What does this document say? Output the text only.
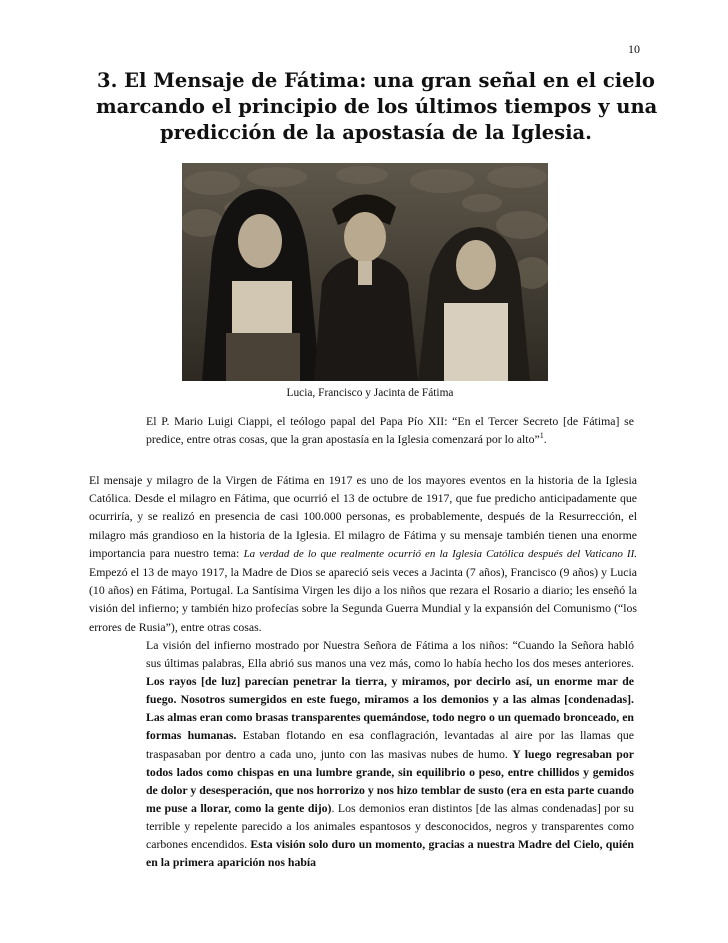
10
3. El Mensaje de Fátima: una gran señal en el cielo
marcando el principio de los últimos tiempos y una
predicción de la apostasía de la Iglesia.
Lucia, Francisco y Jacinta de Fátima
El P. Mario Luigi Ciappi, el teólogo papal del Papa Pío XII: “En el Tercer Secreto [de Fátima] se predice, entre otras cosas, que la gran apostasía en la Iglesia comenzará por lo alto”$^1$.
El mensaje y milagro de la Virgen de Fátima en 1917 es uno de los mayores eventos en la historia de la Iglesia Católica. Desde el milagro en Fátima, que ocurrió el 13 de octubre de 1917, que fue predicho anticipadamente que ocurriría, y se realizó en presencia de casi 100.000 personas, es probablemente, después de la Resurrección, el milagro más grandioso en la historia de la Iglesia. El milagro de Fátima y su mensaje también tienen una enorme importancia para nuestro tema: La verdad de lo que realmente ocurrió en la Iglesia Católica después del Vaticano II. Empezó el 13 de mayo 1917, la Madre de Dios se apareció seis veces a Jacinta (7 años), Francisco (9 años) y Lucia (10 años) en Fátima, Portugal. La Santísima Virgen les dijo a los niños que rezara el Rosario a diario; les enseñó la visión del infierno; y también hizo profecías sobre la Segunda Guerra Mundial y la expansión del Comunismo (“los errores de Rusia”), entre otras cosas.
La visión del infierno mostrado por Nuestra Señora de Fátima a los niños: “Cuando la Señora habló sus últimas palabras, Ella abrió sus manos una vez más, como lo había hecho los dos meses anteriores. Los rayos [de luz] parecían penetrar la tierra, y miramos, por decirlo así, un enorme mar de fuego. Nosotros sumergidos en este fuego, miramos a los demonios y a las almas [condenadas]. Las almas eran como brasas transparentes quemándose, todo negro o un quemado bronceado, en formas humanas. Estaban flotando en esa conflagración, levantadas al aire por las llamas que traspasaban por dentro a cada uno, junto con las masivas nubes de humo. Y luego regresaban por todos lados como chispas en una lumbre grande, sin equilibrio o peso, entre chillidos y gemidos de dolor y desesperación, que nos horrorizo y nos hizo temblar de susto (era en esta parte cuando me puse a llorar, como la gente dijo). Los demonios eran distintos [de las almas condenadas] por su terrible y repelente parecido a los animales espantosos y desconocidos, negros y transparentes como carbones encendidos. Esta visión solo duro un momento, gracias a nuestra Madre del Cielo, quién en la primera aparición nos había
